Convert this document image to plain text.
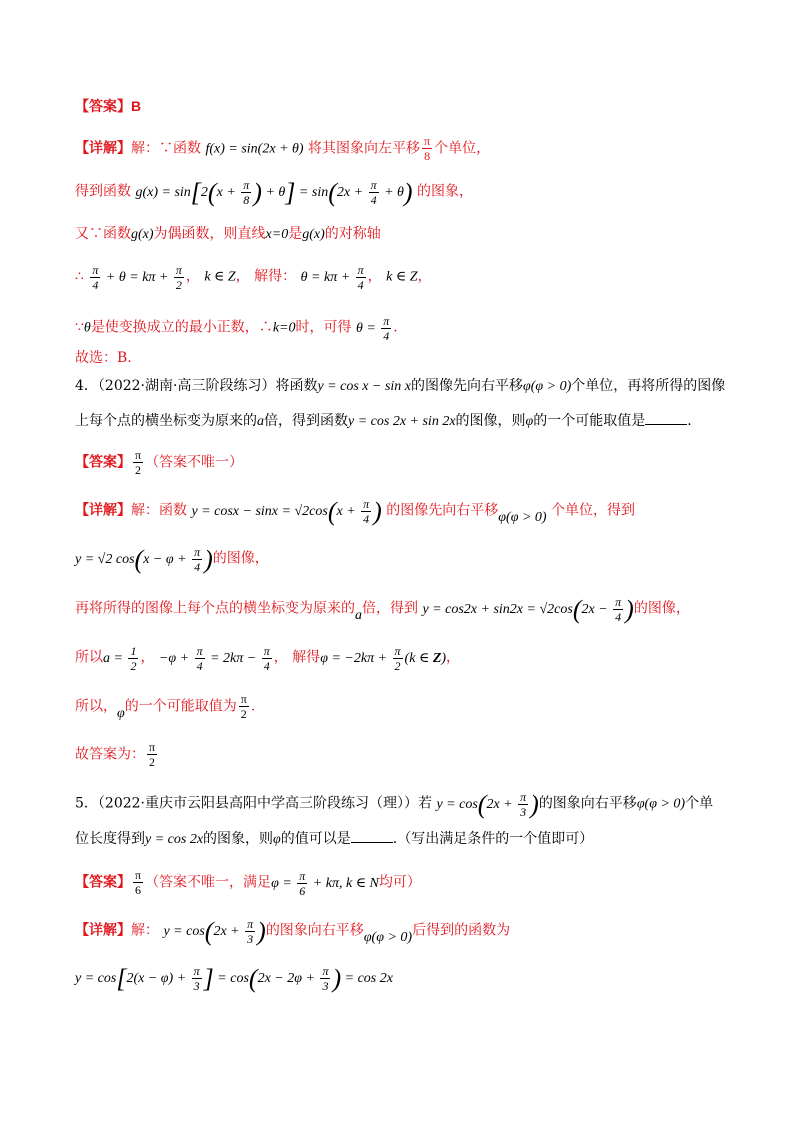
【答案】B
【详解】解：∵函数 f(x) = sin(2x + θ) 将其图象向左平移 $\frac{\pi}{8}$ 个单位，
得到函数 $g(x) = \sin[2(x + \frac{\pi}{8}$ ) + $\theta] = \sin(2x + \frac{\pi}{4} + \theta)$ 的图象，
又∵函数g(x)为偶函数，则直线x=0是g(x)的对称轴
∴ $\frac{\pi}{4} + \theta = k\pi + \frac{\pi}{2}$ ， k ∈ Z， 解得： $\theta = k\pi + \frac{\pi}{4}$ ， k ∈ Z，
∵θ是使变换成立的最小正数，∴k=0时，可得 $\theta = \frac{\pi}{4}$ .
故选：B.
4．（2022·湖南·高三阶段练习）将函数y = cos x − sin x的图像先向右平移φ(φ > 0)个单位，再将所得的图像
上每个点的横坐标变为原来的a倍，得到函数y = cos 2x + sin 2x的图像，则φ的一个可能取值是	.
【答案】 $\frac{\pi}{2}$ （答案不唯一）
【详解】解：函数 $y = \cos x - \sin x = √2\cos(x + \frac{\pi}{4}$ ) 的图像先向右平移φ(φ > 0) 个单位，得到
y = √2 $\cos(x - \varphi + \frac{\pi}{4}$ )的图像，
再将所得的图像上每个点的横坐标变为原来的a倍，得到 $y = \cos 2x + \sin 2x = √2\cos(2x - \frac{\pi}{4}$ )的图像，
所以$a = \frac{1}{2}$ ， $-\varphi + \frac{\pi}{4} = 2k\pi - \frac{\pi}{4}$ ， 解得$\varphi = -2k\pi + \frac{\pi}{2} (k$ ∈ Z)，
所以，φ的一个可能取值为 $\frac{\pi}{2}$ .
故答案为： $\frac{\pi}{2}$
5．（2022·重庆市云阳县高阳中学高三阶段练习（理））若 $y = \cos(2x + \frac{\pi}{3}$ )的图象向右平移φ(φ > 0)个单
位长度得到y = cos 2x的图象，则φ的值可以是	.（写出满足条件的一个值即可）
【答案】 $\frac{\pi}{6}$ （答案不唯一，满足$\varphi = \frac{\pi}{6} + k\pi$, k ∈ N均可）
【详解】解： $y = \cos(2x + \frac{\pi}{3}$ )的图象向右平移φ(φ > 0)后得到的函数为
$y = \cos[2(x - \varphi) + \frac{\pi}{3}$ ] = $\cos(2x - 2\varphi + \frac{\pi}{3}$ ) = cos 2x
